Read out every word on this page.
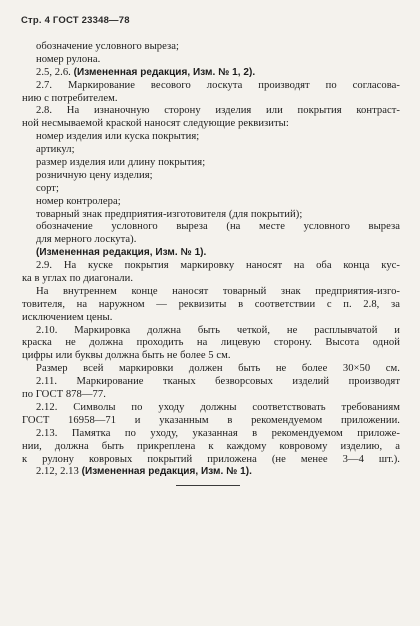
Стр. 4 ГОСТ 23348—78
обозначение условного выреза;
номер рулона.
2.5, 2.6. (Измененная редакция, Изм. № 1, 2).
2.7. Маркирование весового лоскута производят по согласова-
нию с потребителем.
2.8. На изнаночную сторону изделия или покрытия контраст-
ной несмываемой краской наносят следующие реквизиты:
номер изделия или куска покрытия;
артикул;
размер изделия или длину покрытия;
розничную цену изделия;
сорт;
номер контролера;
товарный знак предприятия-изготовителя (для покрытий);
обозначение условного выреза (на месте условного выреза
для мерного лоскута).
(Измененная редакция, Изм. № 1).
2.9. На куске покрытия маркировку наносят на оба конца кус-
ка в углах по диагонали.
На внутреннем конце наносят товарный знак предприятия-изго-
товителя, на наружном — реквизиты в соответствии с п. 2.8, за
исключением цены.
2.10. Маркировка должна быть четкой, не расплывчатой и
краска не должна проходить на лицевую сторону. Высота одной
цифры или буквы должна быть не более 5 см.
Размер всей маркировки должен быть не более 30×50 см.
2.11. Маркирование тканых безворсовых изделий производят
по ГОСТ 878—77.
2.12. Символы по уходу должны соответствовать требованиям
ГОСТ 16958—71 и указанным в рекомендуемом приложении.
2.13. Памятка по уходу, указанная в рекомендуемом приложе-
нии, должна быть прикреплена к каждому ковровому изделию, а
к рулону ковровых покрытий приложена (не менее 3—4 шт.).
2.12, 2.13 (Измененная редакция, Изм. № 1).
